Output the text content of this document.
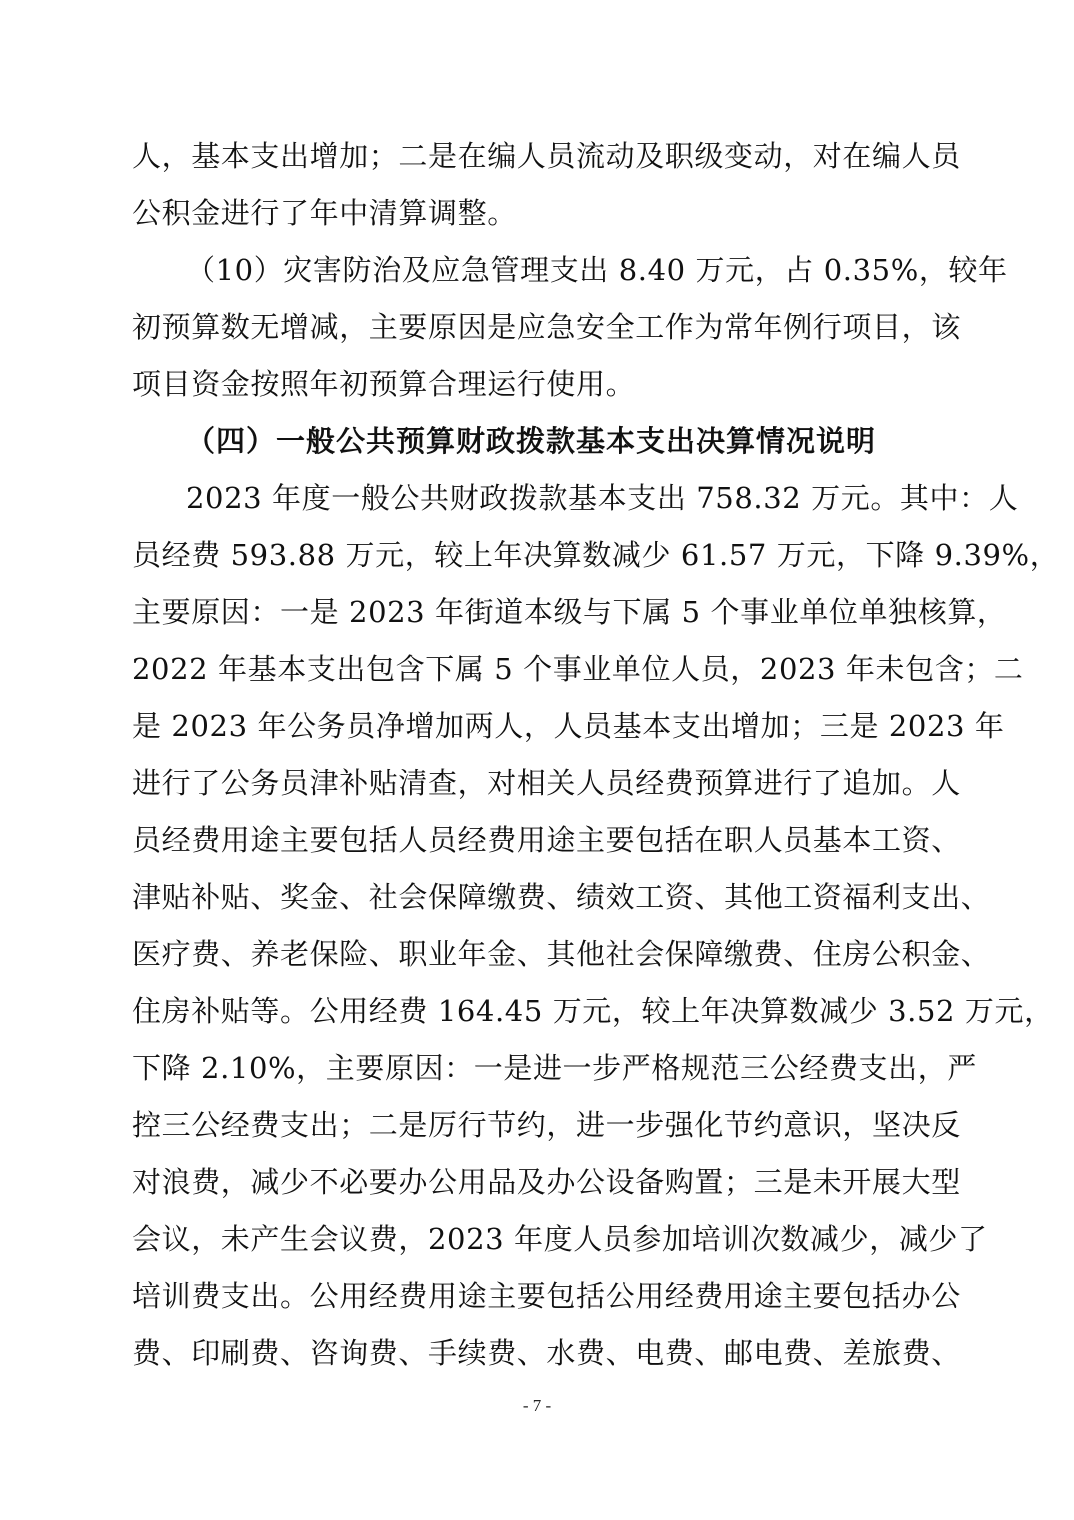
人，基本支出增加；二是在编人员流动及职级变动，对在编人员
公积金进行了年中清算调整。
（10）灾害防治及应急管理支出 8.40 万元，占 0.35%，较年
初预算数无增减，主要原因是应急安全工作为常年例行项目，该
项目资金按照年初预算合理运行使用。
（四）一般公共预算财政拨款基本支出决算情况说明
2023 年度一般公共财政拨款基本支出 758.32 万元。其中：人
员经费 593.88 万元，较上年决算数减少 61.57 万元，下降 9.39%，
主要原因：一是 2023 年街道本级与下属 5 个事业单位单独核算，
2022 年基本支出包含下属 5 个事业单位人员，2023 年未包含；二
是 2023 年公务员净增加两人，人员基本支出增加；三是 2023 年
进行了公务员津补贴清查，对相关人员经费预算进行了追加。人
员经费用途主要包括人员经费用途主要包括在职人员基本工资、
津贴补贴、奖金、社会保障缴费、绩效工资、其他工资福利支出、
医疗费、养老保险、职业年金、其他社会保障缴费、住房公积金、
住房补贴等。公用经费 164.45 万元，较上年决算数减少 3.52 万元，
下降 2.10%，主要原因：一是进一步严格规范三公经费支出，严
控三公经费支出；二是厉行节约，进一步强化节约意识，坚决反
对浪费，减少不必要办公用品及办公设备购置；三是未开展大型
会议，未产生会议费，2023 年度人员参加培训次数减少，减少了
培训费支出。公用经费用途主要包括公用经费用途主要包括办公
费、印刷费、咨询费、手续费、水费、电费、邮电费、差旅费、
- 7 -
